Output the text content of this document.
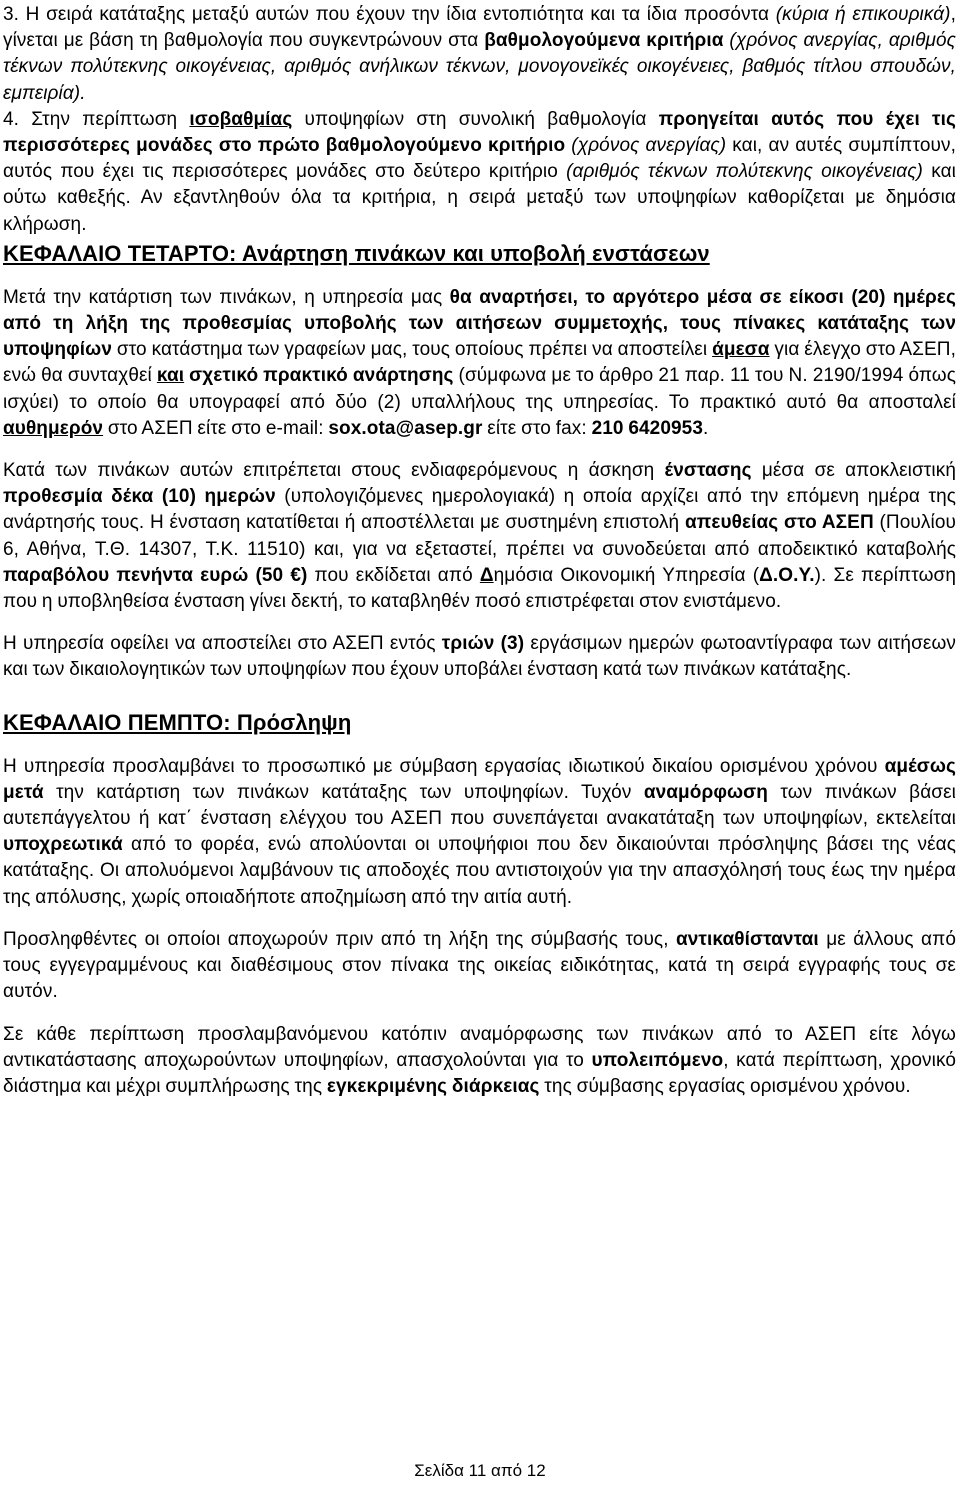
3. Η σειρά κατάταξης μεταξύ αυτών που έχουν την ίδια εντοπιότητα και τα ίδια προσόντα (κύρια ή επικουρικά), γίνεται με βάση τη βαθμολογία που συγκεντρώνουν στα βαθμολογούμενα κριτήρια (χρόνος ανεργίας, αριθμός τέκνων πολύτεκνης οικογένειας, αριθμός ανήλικων τέκνων, μονογονεϊκές οικογένειες, βαθμός τίτλου σπουδών, εμπειρία).

4. Στην περίπτωση ισοβαθμίας υποψηφίων στη συνολική βαθμολογία προηγείται αυτός που έχει τις περισσότερες μονάδες στο πρώτο βαθμολογούμενο κριτήριο (χρόνος ανεργίας) και, αν αυτές συμπίπτουν, αυτός που έχει τις περισσότερες μονάδες στο δεύτερο κριτήριο (αριθμός τέκνων πολύτεκνης οικογένειας) και ούτω καθεξής. Αν εξαντληθούν όλα τα κριτήρια, η σειρά μεταξύ των υποψηφίων καθορίζεται με δημόσια κλήρωση.

ΚΕΦΑΛΑΙΟ ΤΕΤΑΡΤΟ: Ανάρτηση πινάκων και υποβολή ενστάσεων

Μετά την κατάρτιση των πινάκων, η υπηρεσία μας θα αναρτήσει, το αργότερο μέσα σε είκοσι (20) ημέρες από τη λήξη της προθεσμίας υποβολής των αιτήσεων συμμετοχής, τους πίνακες κατάταξης των υποψηφίων στο κατάστημα των γραφείων μας, τους οποίους πρέπει να αποστείλει άμεσα για έλεγχο στο ΑΣΕΠ, ενώ θα συνταχθεί και σχετικό πρακτικό ανάρτησης (σύμφωνα με το άρθρο 21 παρ. 11 του Ν. 2190/1994 όπως ισχύει) το οποίο θα υπογραφεί από δύο (2) υπαλλήλους της υπηρεσίας. Το πρακτικό αυτό θα αποσταλεί αυθημερόν στο ΑΣΕΠ είτε στο e-mail: sox.ota@asep.gr είτε στο fax: 210 6420953.

Κατά των πινάκων αυτών επιτρέπεται στους ενδιαφερόμενους η άσκηση ένστασης μέσα σε αποκλειστική προθεσμία δέκα (10) ημερών (υπολογιζόμενες ημερολογιακά) η οποία αρχίζει από την επόμενη ημέρα της ανάρτησής τους. Η ένσταση κατατίθεται ή αποστέλλεται με συστημένη επιστολή απευθείας στο ΑΣΕΠ (Πουλίου 6, Αθήνα, Τ.Θ. 14307, Τ.Κ. 11510) και, για να εξεταστεί, πρέπει να συνοδεύεται από αποδεικτικό καταβολής παραβόλου πενήντα ευρώ (50 €) που εκδίδεται από Δημόσια Οικονομική Υπηρεσία (Δ.Ο.Υ.). Σε περίπτωση που η υποβληθείσα ένσταση γίνει δεκτή, το καταβληθέν ποσό επιστρέφεται στον ενιστάμενο.

Η υπηρεσία οφείλει να αποστείλει στο ΑΣΕΠ εντός τριών (3) εργάσιμων ημερών φωτοαντίγραφα των αιτήσεων και των δικαιολογητικών των υποψηφίων που έχουν υποβάλει ένσταση κατά των πινάκων κατάταξης.

ΚΕΦΑΛΑΙΟ ΠΕΜΠΤΟ: Πρόσληψη

Η υπηρεσία προσλαμβάνει το προσωπικό με σύμβαση εργασίας ιδιωτικού δικαίου ορισμένου χρόνου αμέσως μετά την κατάρτιση των πινάκων κατάταξης των υποψηφίων. Τυχόν αναμόρφωση των πινάκων βάσει αυτεπάγγελτου ή κατ΄ ένσταση ελέγχου του ΑΣΕΠ που συνεπάγεται ανακατάταξη των υποψηφίων, εκτελείται υποχρεωτικά από το φορέα, ενώ απολύονται οι υποψήφιοι που δεν δικαιούνται πρόσληψης βάσει της νέας κατάταξης. Οι απολυόμενοι λαμβάνουν τις αποδοχές που αντιστοιχούν για την απασχόλησή τους έως την ημέρα της απόλυσης, χωρίς οποιαδήποτε αποζημίωση από την αιτία αυτή.

Προσληφθέντες οι οποίοι αποχωρούν πριν από τη λήξη της σύμβασής τους, αντικαθίστανται με άλλους από τους εγγεγραμμένους και διαθέσιμους στον πίνακα της οικείας ειδικότητας, κατά τη σειρά εγγραφής τους σε αυτόν.

Σε κάθε περίπτωση προσλαμβανόμενου κατόπιν αναμόρφωσης των πινάκων από το ΑΣΕΠ είτε λόγω αντικατάστασης αποχωρούντων υποψηφίων, απασχολούνται για το υπολειπόμενο, κατά περίπτωση, χρονικό διάστημα και μέχρι συμπλήρωσης της εγκεκριμένης διάρκειας της σύμβασης εργασίας ορισμένου χρόνου.

Σελίδα 11 από 12
